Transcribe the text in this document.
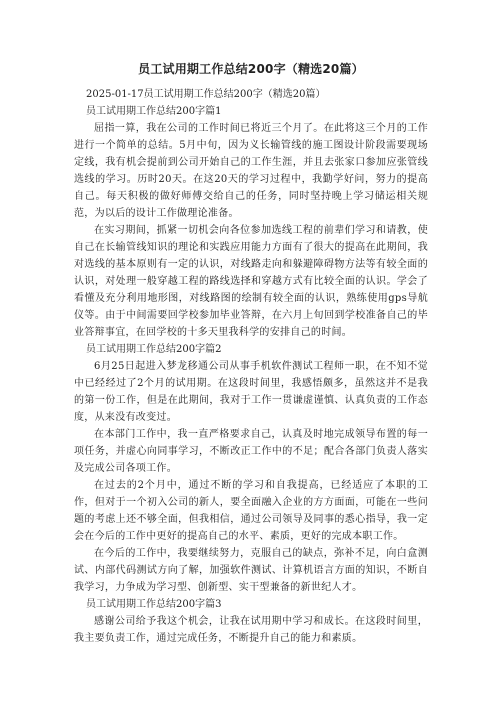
员工试用期工作总结200字（精选20篇）
2025-01-17员工试用期工作总结200字（精选20篇）
员工试用期工作总结200字篇1

屈指一算，我在公司的工作时间已将近三个月了。在此将这三个月的工作进行一个简单的总结。5月中旬，因为义长输管线的施工图设计阶段需要现场定线，我有机会提前到公司开始自己的工作生涯，并且去张家口参加应张管线选线的学习。历时20天。在这20天的学习过程中，我勤学好问，努力的提高自己。每天积极的做好师傅交给自己的任务，同时坚持晚上学习储运相关规范，为以后的设计工作做理论准备。

在实习期间，抓紧一切机会向各位参加选线工程的前辈们学习和请教，使自己在长输管线知识的理论和实践应用能力方面有了很大的提高在此期间，我对选线的基本原则有一定的认识，对线路走向和躲避障碍物方法等有较全面的认识，对处理一般穿越工程的路线选择和穿越方式有比较全面的认识。学会了看懂及充分利用地形图，对线路图的绘制有较全面的认识，熟练使用gps导航仪等。由于中间需要回学校参加毕业答辩，在六月上旬回到学校准备自己的毕业答辩事宜，在回学校的十多天里我科学的安排自己的时间。

员工试用期工作总结200字篇2

6月25日起进入梦龙移通公司从事手机软件测试工程师一职，在不知不觉中已经经过了2个月的试用期。在这段时间里，我感悟颇多，虽然这并不是我的第一份工作，但是在此期间，我对于工作一贯谦虚谨慎、认真负责的工作态度，从来没有改变过。

在本部门工作中，我一直严格要求自己，认真及时地完成领导布置的每一项任务，并虚心向同事学习，不断改正工作中的不足；配合各部门负责人落实及完成公司各项工作。

在过去的2个月中，通过不断的学习和自我提高，已经适应了本职的工作，但对于一个初入公司的新人，要全面融入企业的方方面面，可能在一些问题的考虑上还不够全面，但我相信，通过公司领导及同事的悉心指导，我一定会在今后的工作中更好的提高自己的水平、素质，更好的完成本职工作。

在今后的工作中，我要继续努力，克服自己的缺点，弥补不足，向白盒测试、内部代码测试方向了解，加强软件测试、计算机语言方面的知识，不断自我学习，力争成为学习型、创新型、实干型兼备的新世纪人才。

员工试用期工作总结200字篇3

感谢公司给予我这个机会，让我在试用期中学习和成长。在这段时间里，我主要负责工作，通过完成任务，不断提升自己的能力和素质。
